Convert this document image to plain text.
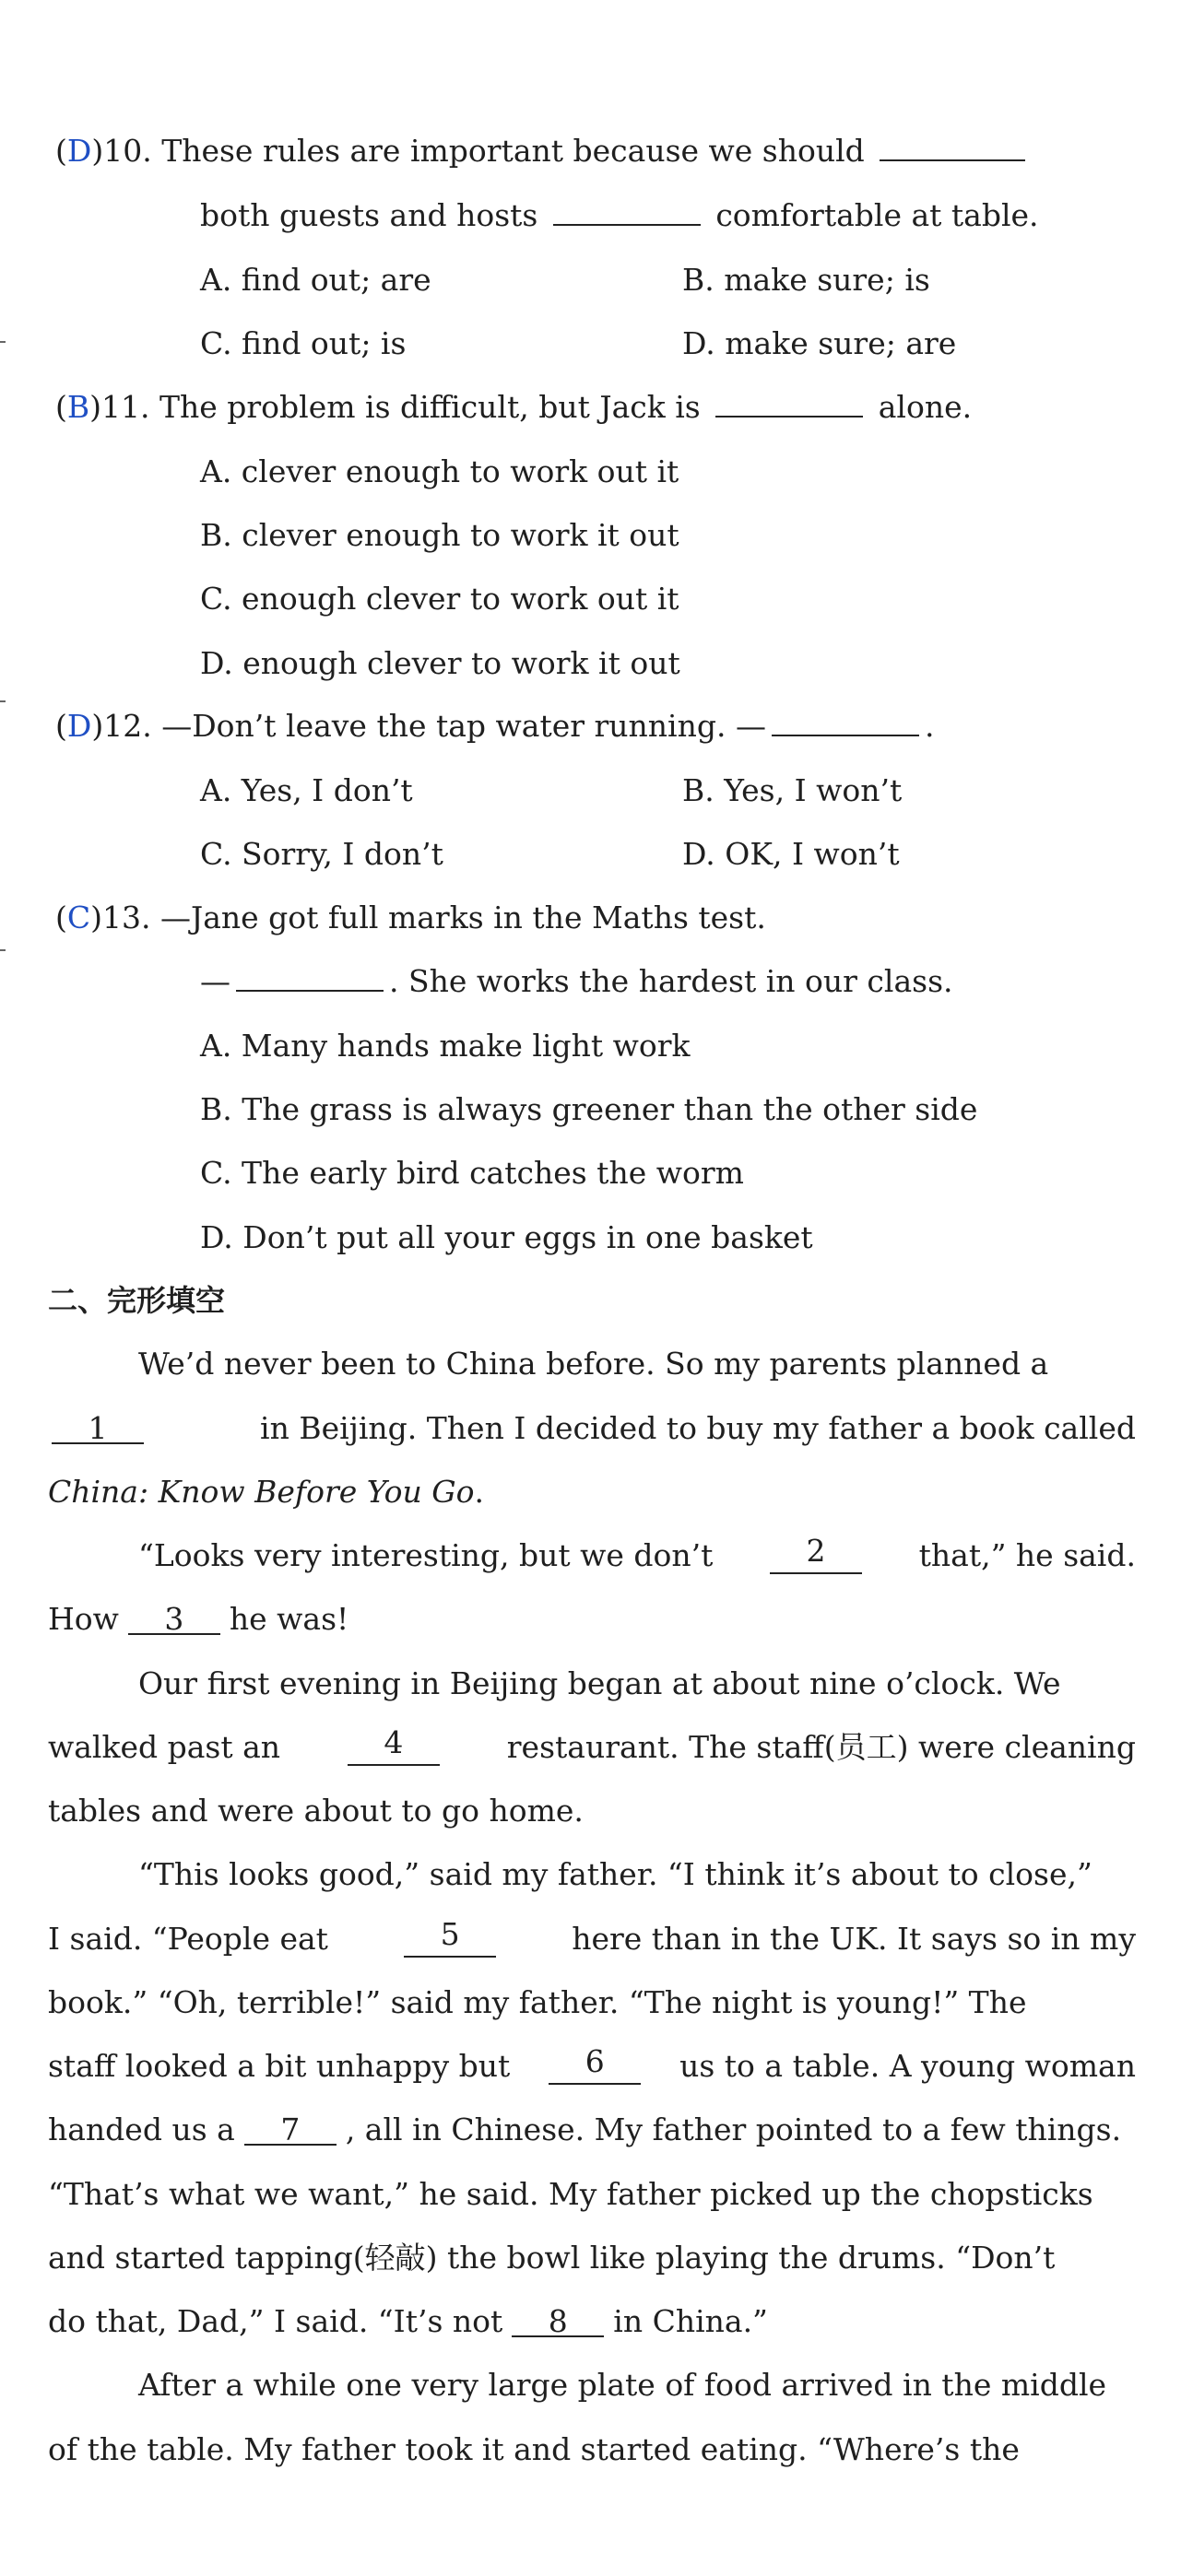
(D)10. These rules are important because we should
both guests and hosts	comfortable at table.
A. find out; are	B. make sure; is
C. find out; is	D. make sure; are
(B)11. The problem is difficult, but Jack is	alone.
A. clever enough to work out it
B. clever enough to work it out
C. enough clever to work out it
D. enough clever to work it out
(D)12. —Don’t leave the tap water running. —	.
A. Yes, I don’t	B. Yes, I won’t
C. Sorry, I don’t	D. OK, I won’t
(C)13. —Jane got full marks in the Maths test.
—	. She works the hardest in our class.
A. Many hands make light work
B. The grass is always greener than the other side
C. The early bird catches the worm
D. Don’t put all your eggs in one basket
二、完形填空
We’d never been to China before. So my parents planned a
1	in Beijing. Then I decided to buy my father a book called
China: Know Before You Go.
“Looks very interesting, but we don’t	2	that,” he said.
How 3 he was!
Our first evening in Beijing began at about nine o’clock. We
walked past an	4	restaurant. The staff(员工) were cleaning
tables and were about to go home.
“This looks good,” said my father. “I think it’s about to close,”
I said. “People eat	5	here than in the UK. It says so in my
book.” “Oh, terrible!” said my father. “The night is young!” The
staff looked a bit unhappy but	6	us to a table. A young woman
handed us a 7 , all in Chinese. My father pointed to a few things.
“That’s what we want,” he said. My father picked up the chopsticks
and started tapping(轻敲) the bowl like playing the drums. “Don’t
do that, Dad,” I said. “It’s not 8 in China.”
After a while one very large plate of food arrived in the middle
of the table. My father took it and started eating. “Where’s the
